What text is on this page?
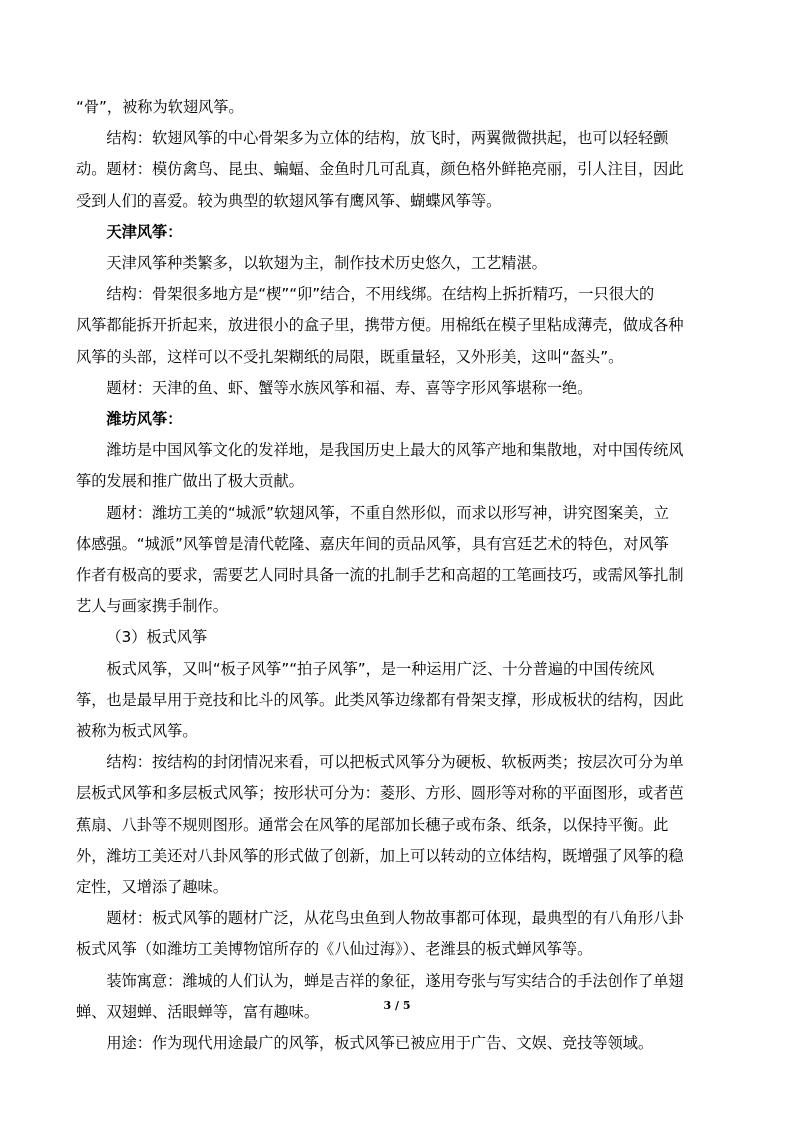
“骨”，被称为软翅风筝。
结构：软翅风筝的中心骨架多为立体的结构，放飞时，两翼微微拱起，也可以轻轻颤
动。题材：模仿禽鸟、昆虫、蝙蝠、金鱼时几可乱真，颜色格外鲜艳亮丽，引人注目，因此
受到人们的喜爱。较为典型的软翅风筝有鹰风筝、蝴蝶风筝等。
天津风筝：
天津风筝种类繁多，以软翅为主，制作技术历史悠久，工艺精湛。
结构：骨架很多地方是“楔”“卯”结合，不用线绑。在结构上拆折精巧，一只很大的
风筝都能拆开折起来，放进很小的盒子里，携带方便。用棉纸在模子里粘成薄壳，做成各种
风筝的头部，这样可以不受扎架糊纸的局限，既重量轻，又外形美，这叫“盔头”。
题材：天津的鱼、虾、蟹等水族风筝和福、寿、喜等字形风筝堪称一绝。
潍坊风筝：
潍坊是中国风筝文化的发祥地，是我国历史上最大的风筝产地和集散地，对中国传统风
筝的发展和推广做出了极大贡献。
题材：潍坊工美的“城派”软翅风筝，不重自然形似，而求以形写神，讲究图案美，立
体感强。“城派”风筝曾是清代乾隆、嘉庆年间的贡品风筝，具有宫廷艺术的特色，对风筝
作者有极高的要求，需要艺人同时具备一流的扎制手艺和高超的工笔画技巧，或需风筝扎制
艺人与画家携手制作。
（3）板式风筝
板式风筝，又叫“板子风筝”“拍子风筝”，是一种运用广泛、十分普遍的中国传统风
筝，也是最早用于竞技和比斗的风筝。此类风筝边缘都有骨架支撑，形成板状的结构，因此
被称为板式风筝。
结构：按结构的封闭情况来看，可以把板式风筝分为硬板、软板两类；按层次可分为单
层板式风筝和多层板式风筝；按形状可分为：菱形、方形、圆形等对称的平面图形，或者芭
蕉扇、八卦等不规则图形。通常会在风筝的尾部加长穗子或布条、纸条，以保持平衡。此
外，潍坊工美还对八卦风筝的形式做了创新，加上可以转动的立体结构，既增强了风筝的稳
定性，又增添了趣味。
题材：板式风筝的题材广泛，从花鸟虫鱼到人物故事都可体现，最典型的有八角形八卦
板式风筝（如潍坊工美博物馆所存的《八仙过海》）、老潍县的板式蝉风筝等。
装饰寓意：潍城的人们认为，蝉是吉祥的象征，遂用夸张与写实结合的手法创作了单翅
蝉、双翅蝉、活眼蝉等，富有趣味。
用途：作为现代用途最广的风筝，板式风筝已被应用于广告、文娱、竞技等领域。
3 / 5
